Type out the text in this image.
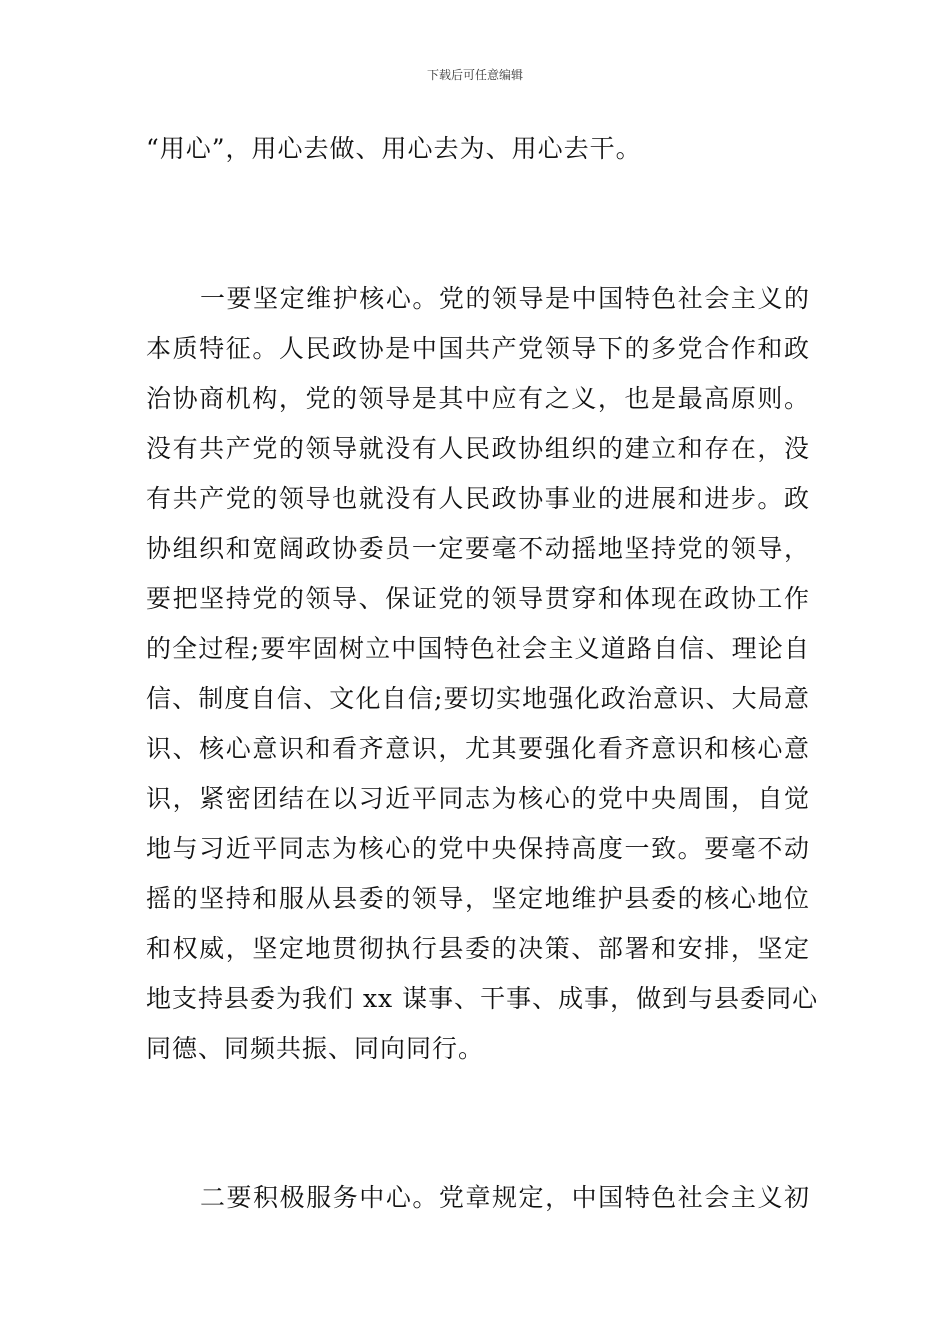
下载后可任意编辑
“用心”，用心去做、用心去为、用心去干。
一要坚定维护核心。党的领导是中国特色社会主义的
本质特征。人民政协是中国共产党领导下的多党合作和政
治协商机构，党的领导是其中应有之义，也是最高原则。
没有共产党的领导就没有人民政协组织的建立和存在，没
有共产党的领导也就没有人民政协事业的进展和进步。政
协组织和宽阔政协委员一定要毫不动摇地坚持党的领导，
要把坚持党的领导、保证党的领导贯穿和体现在政协工作
的全过程;要牢固树立中国特色社会主义道路自信、理论自
信、制度自信、文化自信;要切实地强化政治意识、大局意
识、核心意识和看齐意识，尤其要强化看齐意识和核心意
识，紧密团结在以习近平同志为核心的党中央周围，自觉
地与习近平同志为核心的党中央保持高度一致。要毫不动
摇的坚持和服从县委的领导，坚定地维护县委的核心地位
和权威，坚定地贯彻执行县委的决策、部署和安排，坚定
地支持县委为我们 xx 谋事、干事、成事，做到与县委同心
同德、同频共振、同向同行。
二要积极服务中心。党章规定，中国特色社会主义初
